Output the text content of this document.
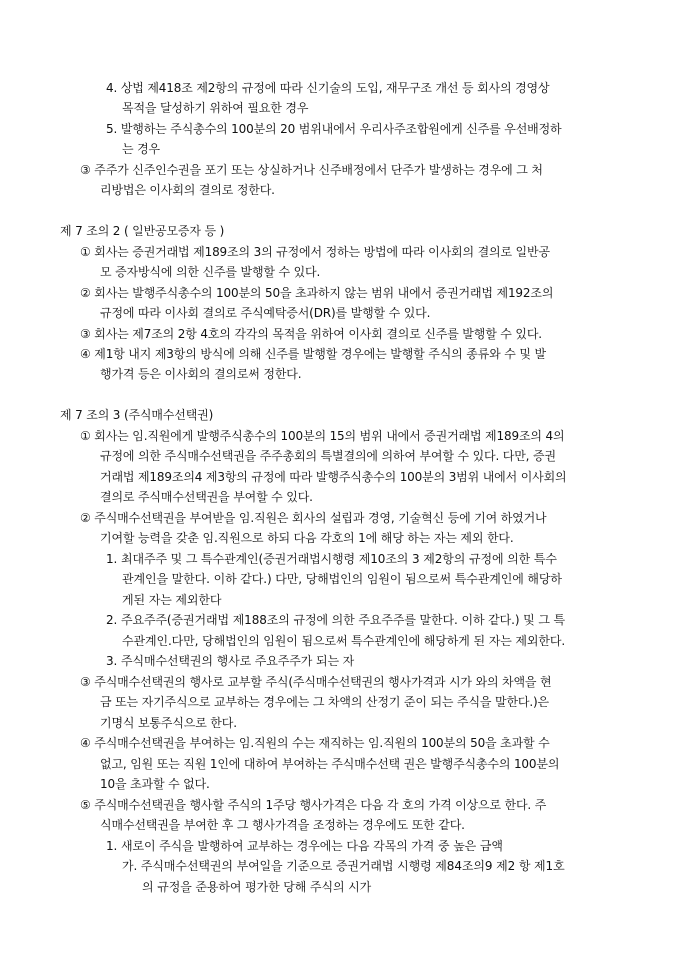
4. 상법 제418조 제2항의 규정에 따라 신기술의 도입, 재무구조 개선 등 회사의 경영상
목적을 달성하기 위하여 필요한 경우
5. 발행하는 주식총수의 100분의 20 범위내에서 우리사주조합원에게 신주를 우선배정하
는 경우
③ 주주가 신주인수권을 포기 또는 상실하거나 신주배정에서 단주가 발생하는 경우에 그 처
리방법은 이사회의 결의로 정한다.
제 7 조의 2 ( 일반공모증자 등 )
① 회사는 증권거래법 제189조의 3의 규정에서 정하는 방법에 따라 이사회의 결의로 일반공
모 증자방식에 의한 신주를 발행할 수 있다.
② 회사는 발행주식총수의 100분의 50을 초과하지 않는 범위 내에서 증권거래법 제192조의
규정에 따라 이사회 결의로 주식예탁증서(DR)를 발행할 수 있다.
③ 회사는 제7조의 2항 4호의 각각의 목적을 위하여 이사회 결의로 신주를 발행할 수 있다.
④ 제1항 내지 제3항의 방식에 의해 신주를 발행할 경우에는 발행할 주식의 종류와 수 및 발
행가격 등은 이사회의 결의로써 정한다.
제 7 조의 3 (주식매수선택권)
① 회사는 임.직원에게 발행주식총수의 100분의 15의 범위 내에서 증권거래법 제189조의 4의
규정에 의한 주식매수선택권을 주주총회의 특별결의에 의하여 부여할 수 있다. 다만, 증권
거래법 제189조의4 제3항의 규정에 따라 발행주식총수의 100분의 3범위 내에서 이사회의
결의로 주식매수선택권을 부여할 수 있다.
② 주식매수선택권을 부여받을 임.직원은 회사의 설립과 경영, 기술혁신 등에 기여 하였거나
기여할 능력을 갖춘 임.직원으로 하되 다음 각호의 1에 해당 하는 자는 제외 한다.
1. 최대주주 및 그 특수관계인(증권거래법시행령 제10조의 3 제2항의 규정에 의한 특수
관계인을 말한다. 이하 같다.) 다만, 당해법인의 임원이 됨으로써 특수관계인에 해당하
게된 자는 제외한다
2. 주요주주(증권거래법 제188조의 규정에 의한 주요주주를 말한다. 이하 같다.) 및 그 특
수관계인.다만, 당해법인의 임원이 됨으로써 특수관계인에 해당하게 된 자는 제외한다.
3. 주식매수선택권의 행사로 주요주주가 되는 자
③ 주식매수선택권의 행사로 교부할 주식(주식매수선택권의 행사가격과 시가 와의 차액을 현
금 또는 자기주식으로 교부하는 경우에는 그 차액의 산정기 준이 되는 주식을 말한다.)은
기명식 보통주식으로 한다.
④ 주식매수선택권을 부여하는 임.직원의 수는 재직하는 임.직원의 100분의 50을 초과할 수
없고, 임원 또는 직원 1인에 대하여 부여하는 주식매수선택 권은 발행주식총수의 100분의
10을 초과할 수 없다.
⑤ 주식매수선택권을 행사할 주식의 1주당 행사가격은 다음 각 호의 가격 이상으로 한다. 주
식매수선택권을 부여한 후 그 행사가격을 조정하는 경우에도 또한 같다.
1. 새로이 주식을 발행하여 교부하는 경우에는 다음 각목의 가격 중 높은 금액
가. 주식매수선택권의 부여일을 기준으로 증권거래법 시행령 제84조의9 제2 항 제1호
의 규정을 준용하여 평가한 당해 주식의 시가
